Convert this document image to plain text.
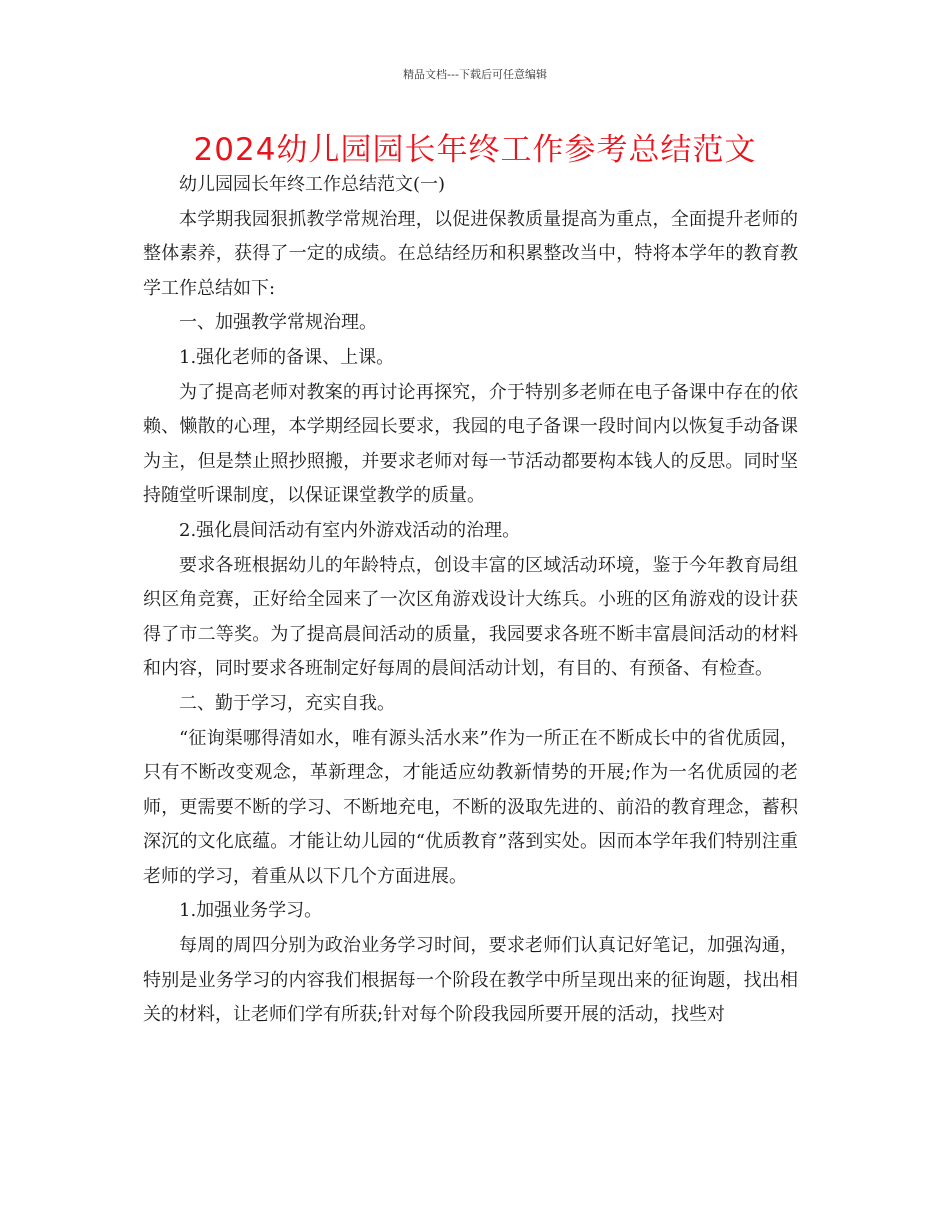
精品文档---下载后可任意编辑
2024幼儿园园长年终工作参考总结范文

幼儿园园长年终工作总结范文(一)

本学期我园狠抓教学常规治理，以促进保教质量提高为重点，全面提升老师的整体素养，获得了一定的成绩。在总结经历和积累整改当中，特将本学年的教育教学工作总结如下:

一、加强教学常规治理。

1.强化老师的备课、上课。

为了提高老师对教案的再讨论再探究，介于特别多老师在电子备课中存在的依赖、懒散的心理，本学期经园长要求，我园的电子备课一段时间内以恢复手动备课为主，但是禁止照抄照搬，并要求老师对每一节活动都要构本钱人的反思。同时坚持随堂听课制度，以保证课堂教学的质量。

2.强化晨间活动有室内外游戏活动的治理。

要求各班根据幼儿的年龄特点，创设丰富的区域活动环境，鉴于今年教育局组织区角竞赛，正好给全园来了一次区角游戏设计大练兵。小班的区角游戏的设计获得了市二等奖。为了提高晨间活动的质量，我园要求各班不断丰富晨间活动的材料和内容，同时要求各班制定好每周的晨间活动计划，有目的、有预备、有检查。

二、勤于学习，充实自我。

“征询渠哪得清如水，唯有源头活水来”作为一所正在不断成长中的省优质园，只有不断改变观念，革新理念，才能适应幼教新情势的开展;作为一名优质园的老师，更需要不断的学习、不断地充电，不断的汲取先进的、前沿的教育理念，蓄积深沉的文化底蕴。才能让幼儿园的“优质教育”落到实处。因而本学年我们特别注重老师的学习，着重从以下几个方面进展。

1.加强业务学习。

每周的周四分别为政治业务学习时间，要求老师们认真记好笔记，加强沟通，特别是业务学习的内容我们根据每一个阶段在教学中所呈现出来的征询题，找出相关的材料，让老师们学有所获;针对每个阶段我园所要开展的活动，找些对
